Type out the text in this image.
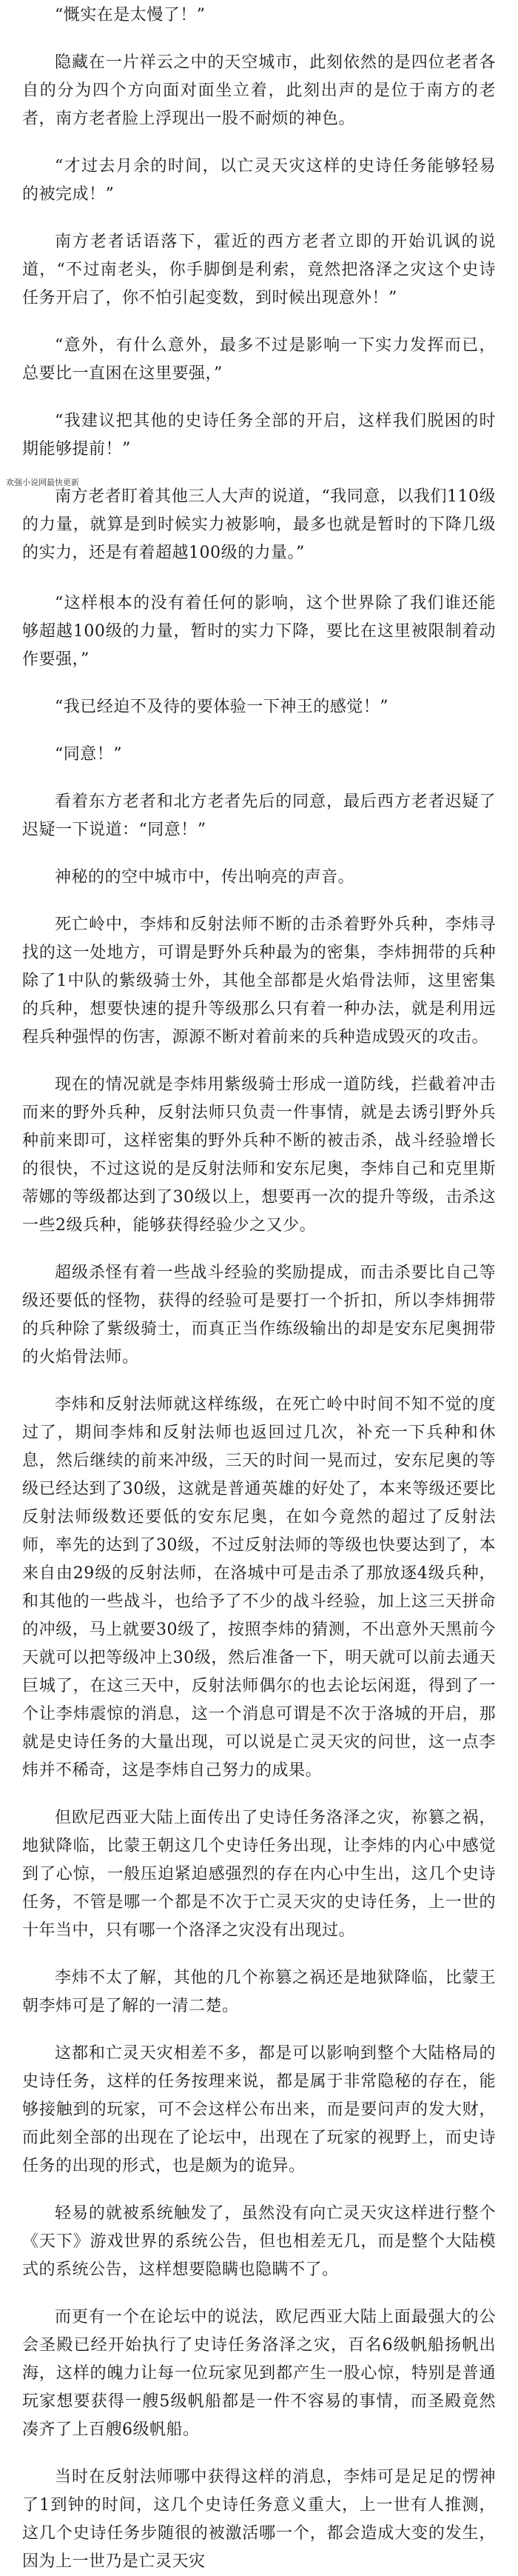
“慨实在是太慢了！”

隐藏在一片祥云之中的天空城市，此刻依然的是四位老者各自的分为四个方向面对面坐立着，此刻出声的是位于南方的老者，南方老者脸上浮现出一股不耐烦的神色。

“才过去月余的时间，以亡灵天灾这样的史诗任务能够轻易的被完成！”

南方老者话语落下，霍近的西方老者立即的开始讥讽的说道，“不过南老头，你手脚倒是利索，竟然把洛泽之灾这个史诗任务开启了，你不怕引起变数，到时候出现意外！”

“意外，有什么意外，最多不过是影响一下实力发挥而已，总要比一直困在这里要强，”

“我建议把其他的史诗任务全部的开启，这样我们脱困的时期能够提前！”

南方老者盯着其他三人大声的说道，“我同意，以我们110级的力量，就算是到时候实力被影响，最多也就是暂时的下降几级的实力，还是有着超越100级的力量。”

“这样根本的没有着任何的影响，这个世界除了我们谁还能够超越100级的力量，暂时的实力下降，要比在这里被限制着动作要强，”

“我已经迫不及待的要体验一下神王的感觉！”

“同意！”

看着东方老者和北方老者先后的同意，最后西方老者迟疑了迟疑一下说道：“同意！”

神秘的的空中城市中，传出响亮的声音。

死亡岭中，李炜和反射法师不断的击杀着野外兵种，李炜寻找的这一处地方，可谓是野外兵种最为的密集，李炜拥带的兵种除了1中队的紫级骑士外，其他全部都是火焰骨法师，这里密集的兵种，想要快速的提升等级那么只有着一种办法，就是利用远程兵种强悍的伤害，源源不断对着前来的兵种造成毁灭的攻击。

现在的情况就是李炜用紫级骑士形成一道防线，拦截着冲击而来的野外兵种，反射法师只负责一件事情，就是去诱引野外兵种前来即可，这样密集的野外兵种不断的被击杀，战斗经验增长的很快，不过这说的是反射法师和安东尼奥，李炜自己和克里斯蒂娜的等级都达到了30级以上，想要再一次的提升等级，击杀这一些2级兵种，能够获得经验少之又少。

超级杀怪有着一些战斗经验的奖励提成，而击杀要比自己等级还要低的怪物，获得的经验可是要打一个折扣，所以李炜拥带的兵种除了紫级骑士，而真正当作练级输出的却是安东尼奥拥带的火焰骨法师。

李炜和反射法师就这样练级，在死亡岭中时间不知不觉的度过了，期间李炜和反射法师也返回过几次，补充一下兵种和休息，然后继续的前来冲级，三天的时间一晃而过，安东尼奥的等级已经达到了30级，这就是普通英雄的好处了，本来等级还要比反射法师级数还要低的安东尼奥，在如今竟然的超过了反射法师，率先的达到了30级，不过反射法师的等级也快要达到了，本来自由29级的反射法师，在洛城中可是击杀了那放逐4级兵种，和其他的一些战斗，也给予了不少的战斗经验，加上这三天拼命的冲级，马上就要30级了，按照李炜的猜测，不出意外天黑前今天就可以把等级冲上30级，然后准备一下，明天就可以前去通天巨城了，在这三天中，反射法师偶尔的也去论坛闲逛，得到了一个让李炜震惊的消息，这一个消息可谓是不次于洛城的开启，那就是史诗任务的大量出现，可以说是亡灵天灾的问世，这一点李炜并不稀奇，这是李炜自己努力的成果。

但欧尼西亚大陆上面传出了史诗任务洛泽之灾，祢篡之祸，地狱降临，比蒙王朝这几个史诗任务出现，让李炜的内心中感觉到了心惊，一般压迫紧迫感强烈的存在内心中生出，这几个史诗任务，不管是哪一个都是不次于亡灵天灾的史诗任务，上一世的十年当中，只有哪一个洛泽之灾没有出现过。

李炜不太了解，其他的几个祢篡之祸还是地狱降临，比蒙王朝李炜可是了解的一清二楚。

这都和亡灵天灾相差不多，都是可以影响到整个大陆格局的史诗任务，这样的任务按理来说，都是属于非常隐秘的存在，能够接触到的玩家，可不会这样公布出来，而是要问声的发大财，而此刻全部的出现在了论坛中，出现在了玩家的视野上，而史诗任务的出现的形式，也是颇为的诡异。

轻易的就被系统触发了，虽然没有向亡灵天灾这样进行整个《天下》游戏世界的系统公告，但也相差无几，而是整个大陆模式的系统公告，这样想要隐瞒也隐瞒不了。

而更有一个在论坛中的说法，欧尼西亚大陆上面最强大的公会圣殿已经开始执行了史诗任务洛泽之灾，百名6级帆船扬帆出海，这样的魄力让每一位玩家见到都产生一股心惊，特别是普通玩家想要获得一艘5级帆船都是一件不容易的事情，而圣殿竟然凑齐了上百艘6级帆船。

当时在反射法师哪中获得这样的消息，李炜可是足足的愣神了1到钟的时间，这几个史诗任务意义重大，上一世有人推测，这几个史诗任务步随很的被激活哪一个，都会造成大变的发生，因为上一世乃是亡灵天灾

欢强小说网最快更新
